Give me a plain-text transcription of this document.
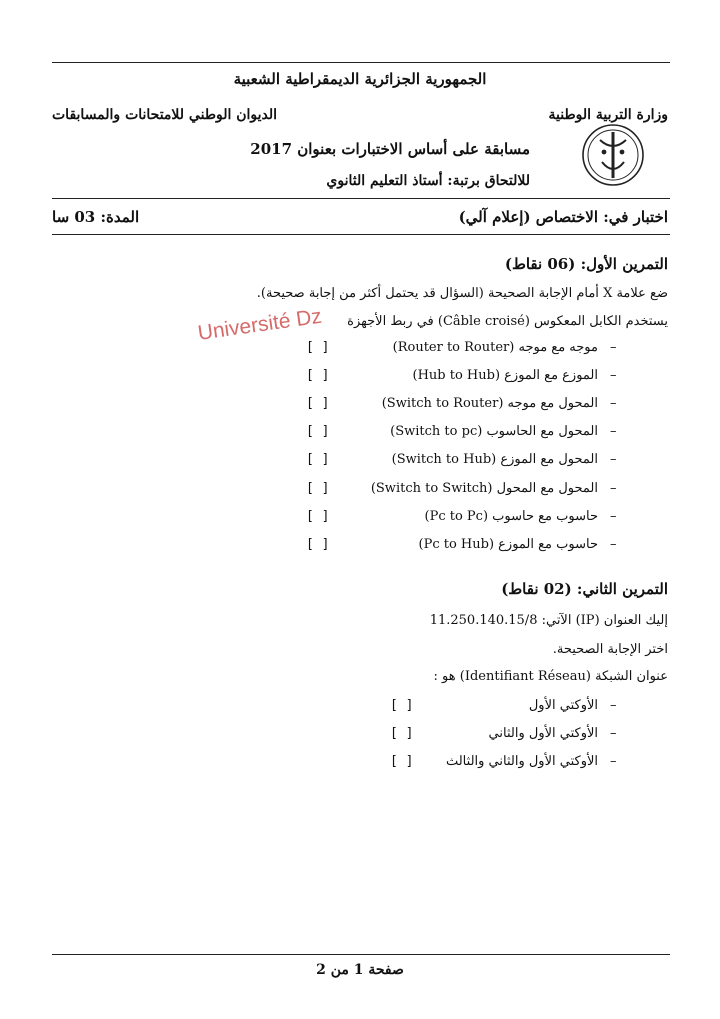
الجمهورية الجزائرية الديمقراطية الشعبية
وزارة التربية الوطنية
الديوان الوطني للامتحانات والمسابقات
مسابقة على أساس الاختبارات بعنوان 2017
للالتحاق برتبة: أستاذ التعليم الثانوي
اختبار في: الاختصاص (إعلام آلي)
المدة: 03 سا
التمرين الأول: (06 نقاط)
ضع علامة X أمام الإجابة الصحيحة (السؤال قد يحتمل أكثر من إجابة صحيحة).
يستخدم الكابل المعكوس (Câble croisé) في ربط الأجهزة
Université Dz
–
موجه مع موجه (Router to Router)
[ ]
–
الموزع مع الموزع (Hub to Hub)
[ ]
–
المحول مع موجه (Switch to Router)
[ ]
–
المحول مع الحاسوب (Switch to pc)
[ ]
–
المحول مع الموزع (Switch to Hub)
[ ]
–
المحول مع المحول (Switch to Switch)
[ ]
–
حاسوب مع حاسوب (Pc to Pc)
[ ]
–
حاسوب مع الموزع (Pc to Hub)
[ ]
التمرين الثاني: (02 نقاط)
إليك العنوان (IP) الآتي: 11.250.140.15/8
اختر الإجابة الصحيحة.
عنوان الشبكة (Identifiant Réseau) هو :
–
الأوكتي الأول
[ ]
–
الأوكتي الأول والثاني
[ ]
–
الأوكتي الأول والثاني والثالث
[ ]
صفحة 1 من 2
